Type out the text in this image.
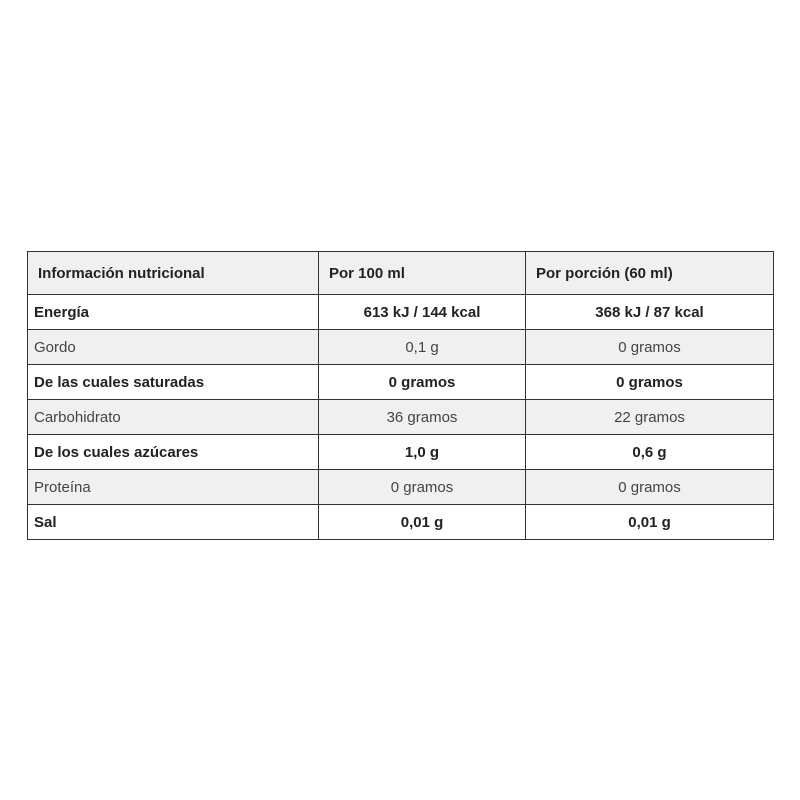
Información nutricional	Por 100 ml	Por porción (60 ml)
Energía	613 kJ / 144 kcal	368 kJ / 87 kcal
Gordo	0,1 g	0 gramos
De las cuales saturadas	0 gramos	0 gramos
Carbohidrato	36 gramos	22 gramos
De los cuales azúcares	1,0 g	0,6 g
Proteína	0 gramos	0 gramos
Sal	0,01 g	0,01 g
